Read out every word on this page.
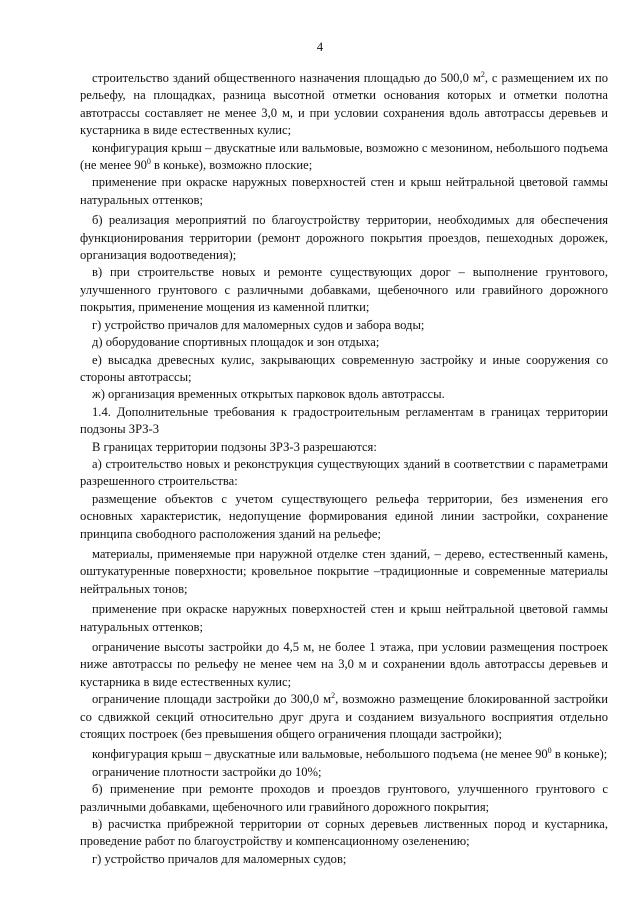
4

строительство зданий общественного назначения площадью до 500,0 $м^2$, с размещением их по рельефу, на площадках, разница высотной отметки основания которых и отметки полотна автотрассы составляет не менее 3,0 м, и при условии сохранения вдоль автотрассы деревьев и кустарника в виде естественных кулис;

конфигурация крыш – двускатные или вальмовые, возможно с мезонином, небольшого подъема (не менее $90^0$ в коньке), возможно плоские;

применение при окраске наружных поверхностей стен и крыш нейтральной цветовой гаммы натуральных оттенков;

б) реализация мероприятий по благоустройству территории, необходимых для обеспечения функционирования территории (ремонт дорожного покрытия проездов, пешеходных дорожек, организация водоотведения);

в) при строительстве новых и ремонте существующих дорог – выполнение грунтового, улучшенного грунтового с различными добавками, щебеночного или гравийного дорожного покрытия, применение мощения из каменной плитки;

г) устройство причалов для маломерных судов и забора воды;

д) оборудование спортивных площадок и зон отдыха;

е) высадка древесных кулис, закрывающих современную застройку и иные сооружения со стороны автотрассы;

ж) организация временных открытых парковок вдоль автотрассы.

1.4. Дополнительные требования к градостроительным регламентам в границах территории подзоны ЗРЗ-3

В границах территории подзоны ЗРЗ-3 разрешаются:

а) строительство новых и реконструкция существующих зданий в соответствии с параметрами разрешенного строительства:

размещение объектов с учетом существующего рельефа территории, без изменения его основных характеристик, недопущение формирования единой линии застройки, сохранение принципа свободного расположения зданий на рельефе;

материалы, применяемые при наружной отделке стен зданий, – дерево, естественный камень, оштукатуренные поверхности; кровельное покрытие –традиционные и современные материалы нейтральных тонов;

применение при окраске наружных поверхностей стен и крыш нейтральной цветовой гаммы натуральных оттенков;

ограничение высоты застройки до 4,5 м, не более 1 этажа, при условии размещения построек ниже автотрассы по рельефу не менее чем на 3,0 м и сохранении вдоль автотрассы деревьев и кустарника в виде естественных кулис;

ограничение площади застройки до 300,0 $м^2$, возможно размещение блокированной застройки со сдвижкой секций относительно друг друга и созданием визуального восприятия отдельно стоящих построек (без превышения общего ограничения площади застройки);

конфигурация крыш – двускатные или вальмовые, небольшого подъема (не менее $90^0$ в коньке);

ограничение плотности застройки до 10%;

б) применение при ремонте проходов и проездов грунтового, улучшенного грунтового с различными добавками, щебеночного или гравийного дорожного покрытия;

в) расчистка прибрежной территории от сорных деревьев лиственных пород и кустарника, проведение работ по благоустройству и компенсационному озеленению;

г) устройство причалов для маломерных судов;
